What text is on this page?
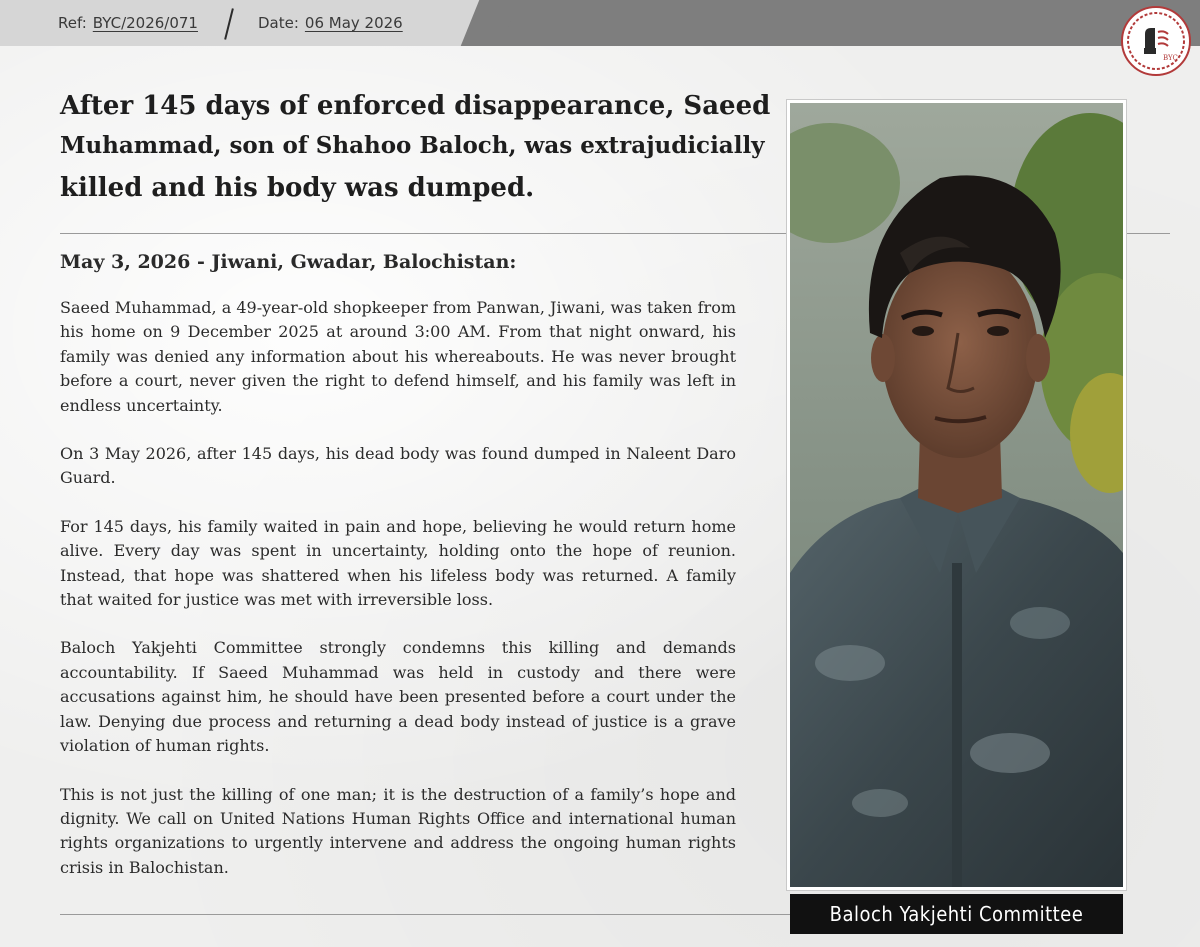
Ref: BYC/2026/071	Date: 06 May 2026
BYC
After 145 days of enforced disappearance, Saeed
Muhammad, son of Shahoo Baloch, was extrajudicially
killed and his body was dumped.
May 3, 2026 - Jiwani, Gwadar, Balochistan:

Saeed Muhammad, a 49-year-old shopkeeper from Panwan, Jiwani, was taken from his home on 9 December 2025 at around 3:00 AM. From that night onward, his family was denied any information about his whereabouts. He was never brought before a court, never given the right to defend himself, and his family was left in endless uncertainty.

On 3 May 2026, after 145 days, his dead body was found dumped in Naleent Daro Guard.

For 145 days, his family waited in pain and hope, believing he would return home alive. Every day was spent in uncertainty, holding onto the hope of reunion. Instead, that hope was shattered when his lifeless body was returned. A family that waited for justice was met with irreversible loss.

Baloch Yakjehti Committee strongly condemns this killing and demands accountability. If Saeed Muhammad was held in custody and there were accusations against him, he should have been presented before a court under the law. Denying due process and returning a dead body instead of justice is a grave violation of human rights.

This is not just the killing of one man; it is the destruction of a family’s hope and dignity. We call on United Nations Human Rights Office and international human rights organizations to urgently intervene and address the ongoing human rights crisis in Balochistan.

Baloch Yakjehti Committee
